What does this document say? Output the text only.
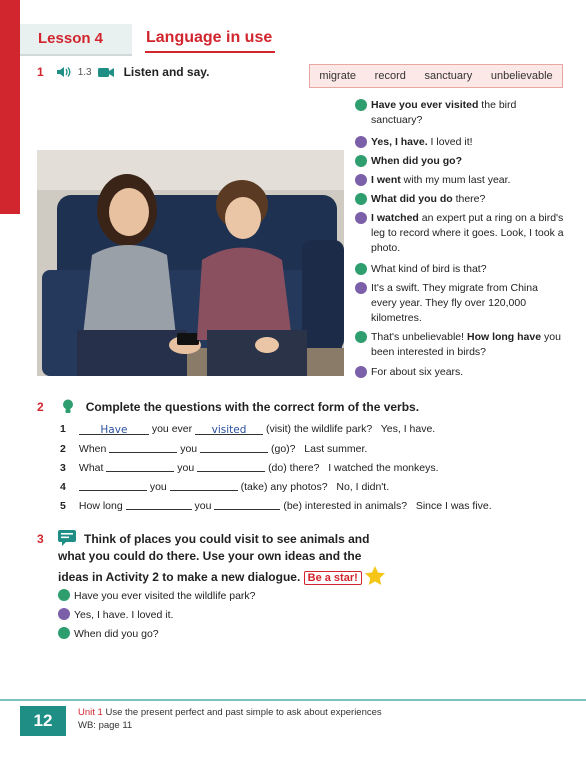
Lesson 4	Language in use
1	1.3	Listen and say.	migrate record sanctuary unbelievable
Have you ever visited the bird sanctuary?
Yes, I have. I loved it!
When did you go?
I went with my mum last year.
What did you do there?
I watched an expert put a ring on a bird's leg to record where it goes. Look, I took a photo.
What kind of bird is that?
It's a swift. They migrate from China every year. They fly over 120,000 kilometres.
That's unbelievable! How long have you been interested in birds?
For about six years.
2	Complete the questions with the correct form of the verbs.
1	Have you ever visited (visit) the wildlife park? Yes, I have.
2 When	you	(go)? Last summer.
3 What	you	(do) there? I watched the monkeys.
4	you	(take) any photos? No, I didn't.
5 How long	you	(be) interested in animals? Since I was five.
3	Think of places you could visit to see animals and
what you could do there. Use your own ideas and the
ideas in Activity 2 to make a new dialogue. Be a star!
Have you ever visited the wildlife park?
Yes, I have. I loved it.
When did you go?
12	Unit 1 Use the present perfect and past simple to ask about experiences
WB: page 11
